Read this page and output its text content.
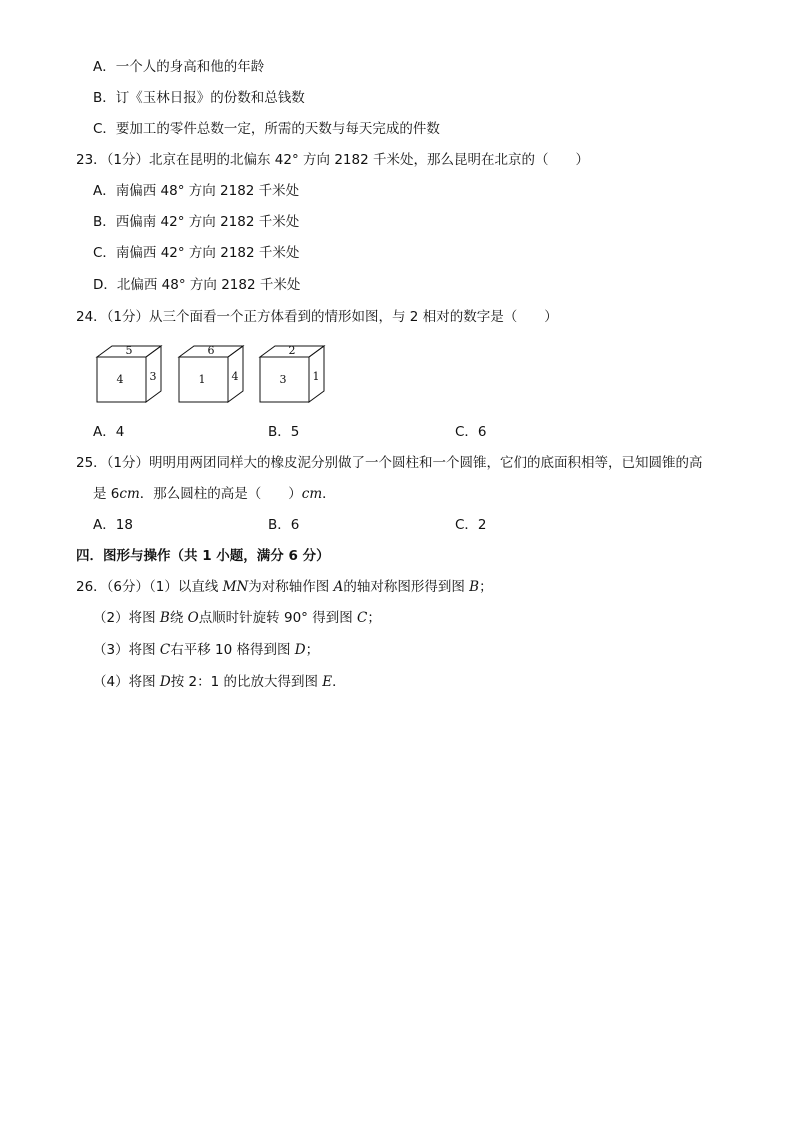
A．一个人的身高和他的年龄
B．订《玉林日报》的份数和总钱数
C．要加工的零件总数一定，所需的天数与每天完成的件数
23．（1分）北京在昆明的北偏东 42° 方向 2182 千米处，那么昆明在北京的（　　）
A．南偏西 48° 方向 2182 千米处
B．西偏南 42° 方向 2182 千米处
C．南偏西 42° 方向 2182 千米处
D．北偏西 48° 方向 2182 千米处
24．（1分）从三个面看一个正方体看到的情形如图，与 2 相对的数字是（　　）
5
4 3
6
1 4
2
3 1
A．4	B．5	C．6
25．（1分）明明用两团同样大的橡皮泥分别做了一个圆柱和一个圆锥，它们的底面积相等，已知圆锥的高
是 6cm．那么圆柱的高是（　　）cm．
A．18	B．6	C．2
四．图形与操作（共 1 小题，满分 6 分）
26．（6分）（1）以直线 MN为对称轴作图 A的轴对称图形得到图 B；
（2）将图 B绕 O点顺时针旋转 90° 得到图 C；
（3）将图 C右平移 10 格得到图 D；
（4）将图 D按 2：1 的比放大得到图 E．
